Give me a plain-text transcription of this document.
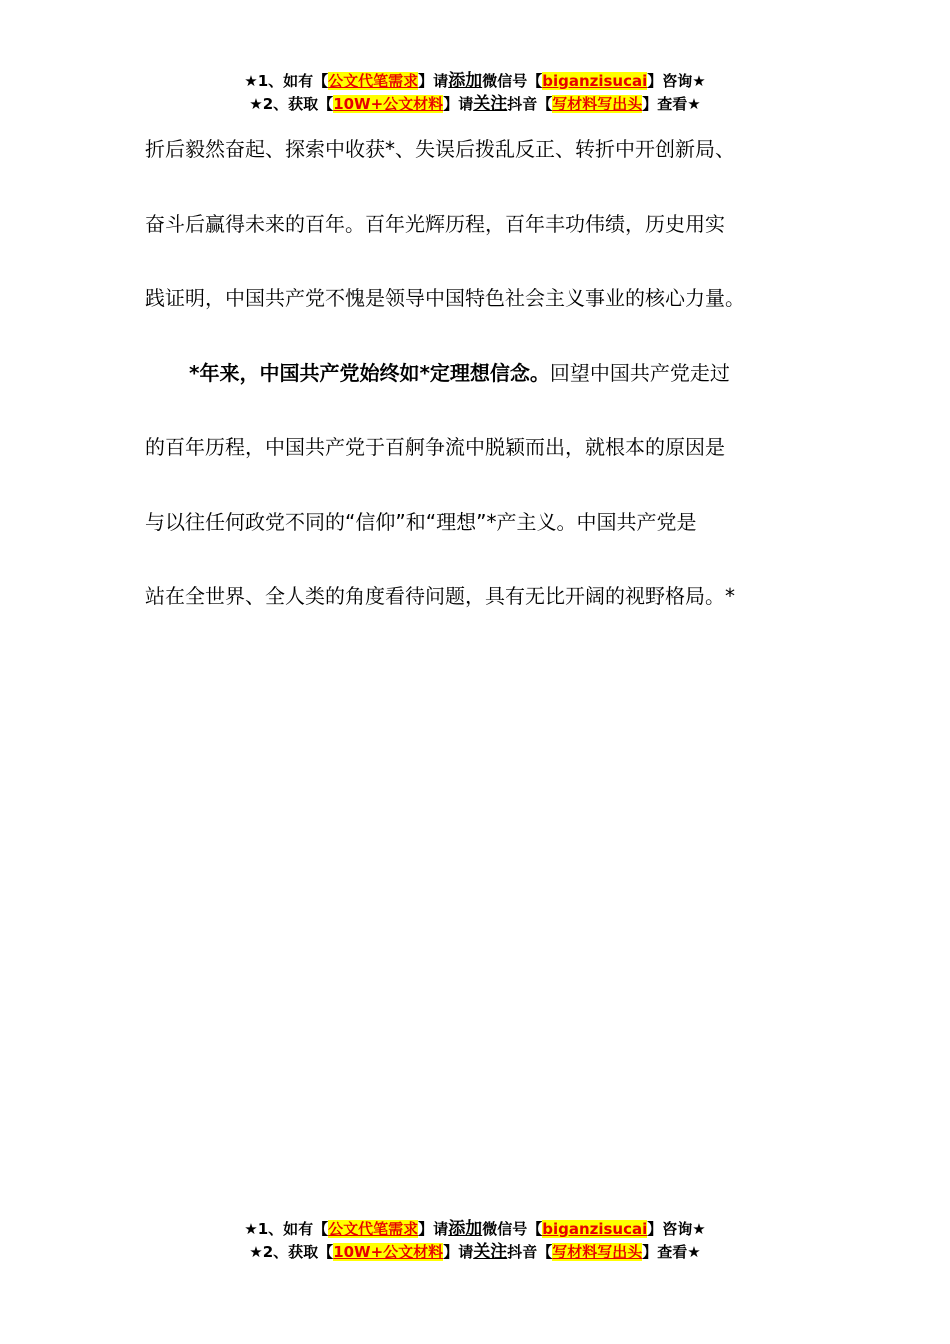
★1、如有【公文代笔需求】请添加微信号【biganzisucai】咨询★
★2、获取【10W+公文材料】请关注抖音【写材料写出头】查看★

折后毅然奋起、探索中收获*、失误后拨乱反正、转折中开创新局、
奋斗后赢得未来的百年。百年光辉历程，百年丰功伟绩，历史用实
践证明，中国共产党不愧是领导中国特色社会主义事业的核心力量。

*年来，中国共产党始终如*定理想信念。回望中国共产党走过
的百年历程，中国共产党于百舸争流中脱颖而出，就根本的原因是
与以往任何政党不同的“信仰”和“理想”*产主义。中国共产党是
站在全世界、全人类的角度看待问题，具有无比开阔的视野格局。*

★1、如有【公文代笔需求】请添加微信号【biganzisucai】咨询★
★2、获取【10W+公文材料】请关注抖音【写材料写出头】查看★
